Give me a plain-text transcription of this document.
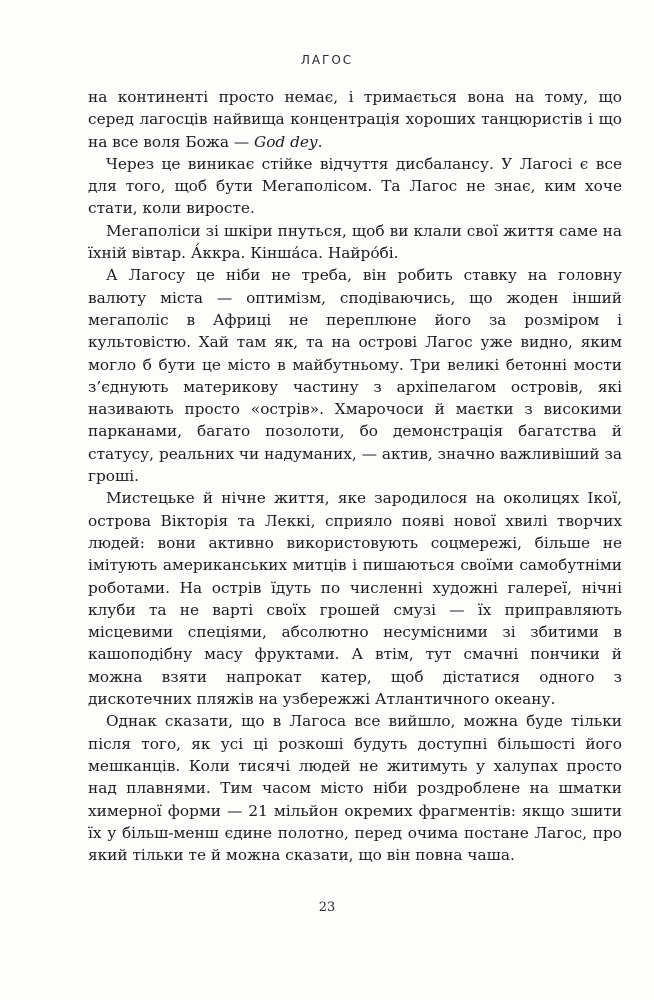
ЛАГОС

на континенті просто немає, і тримається вона на тому, що серед лагосців найвища концентрація хороших танцюристів і що на все воля Божа — God dey.

Через це виникає стійке відчуття дисбалансу. У Лагосі є все для того, щоб бути Мегаполісом. Та Лагос не знає, ким хоче стати, коли виросте.

Мегаполіси зі шкіри пнуться, щоб ви клали свої життя саме на їхній вівтар. А́ккра. Кінша́са. Найро́бі.

А Лагосу це ніби не треба, він робить ставку на головну валюту міста — оптимізм, сподіваючись, що жоден інший мегаполіс в Африці не переплюне його за розміром і культовістю. Хай там як, та на острові Лагос уже видно, яким могло б бути це місто в майбутньому. Три великі бетонні мости з’єднують материкову частину з архіпелагом островів, які називають просто «острів». Хмарочоси й маєтки з високими парканами, багато позолоти, бо демонстрація багатства й статусу, реальних чи надуманих, — актив, значно важливіший за гроші.

Мистецьке й нічне життя, яке зародилося на околицях Ікої, острова Вікторія та Леккі, сприяло появі нової хвилі творчих людей: вони активно використовують соцмережі, більше не імітують американських митців і пишаються своїми самобутніми роботами. На острів їдуть по численні художні галереї, нічні клуби та не варті своїх грошей смузі — їх приправляють місцевими спеціями, абсолютно несумісними зі збитими в кашоподібну масу фруктами. А втім, тут смачні пончики й можна взяти напрокат катер, щоб дістатися одного з дискотечних пляжів на узбережжі Атлантичного океану.

Однак сказати, що в Лагоса все вийшло, можна буде тільки після того, як усі ці розкоші будуть доступні більшості його мешканців. Коли тисячі людей не житимуть у халупах просто над плавнями. Тим часом місто ніби роздроблене на шматки химерної форми — 21 мільйон окремих фрагментів: якщо зшити їх у більш-менш єдине полотно, перед очима постане Лагос, про який тільки те й можна сказати, що він повна чаша.

23
